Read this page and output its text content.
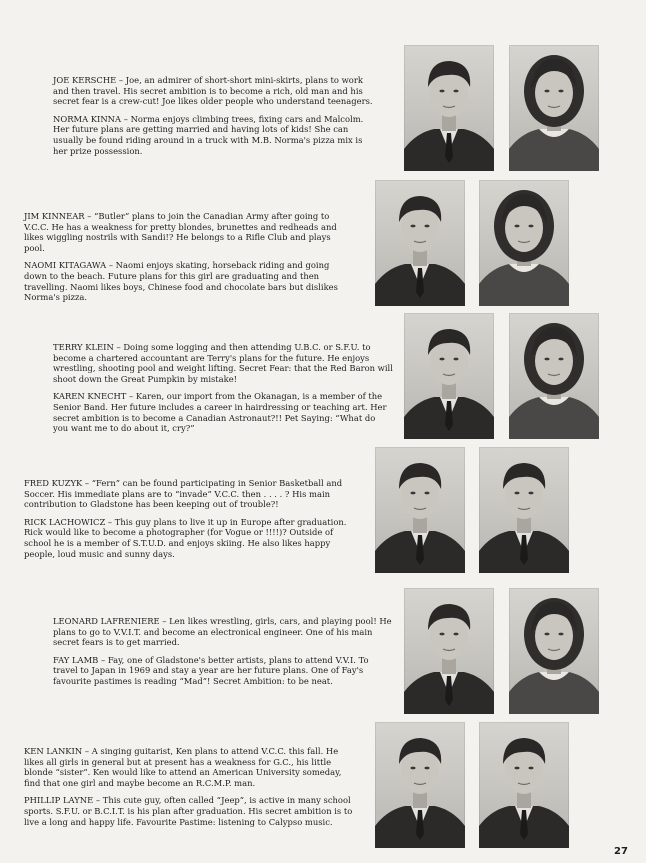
JOE KERSCHE – Joe, an admirer of short-short mini-skirts, plans to work and then travel. His secret ambition is to become a rich, old man and his secret fear is a crew-cut! Joe likes older people who understand teenagers.

NORMA KINNA – Norma enjoys climbing trees, fixing cars and Malcolm. Her future plans are getting married and having lots of kids! She can usually be found riding around in a truck with M.B. Norma's pizza mix is her prize possession.

JIM KINNEAR – “Butler” plans to join the Canadian Army after going to V.C.C. He has a weakness for pretty blondes, brunettes and redheads and likes wiggling nostrils with Sandi!? He belongs to a Rifle Club and plays pool.

NAOMI KITAGAWA – Naomi enjoys skating, horseback riding and going down to the beach. Future plans for this girl are graduating and then travelling. Naomi likes boys, Chinese food and chocolate bars but dislikes Norma's pizza.

TERRY KLEIN – Doing some logging and then attending U.B.C. or S.F.U. to become a chartered accountant are Terry's plans for the future. He enjoys wrestling, shooting pool and weight lifting. Secret Fear: that the Red Baron will shoot down the Great Pumpkin by mistake!

KAREN KNECHT – Karen, our import from the Okanagan, is a member of the Senior Band. Her future includes a career in hairdressing or teaching art. Her secret ambition is to become a Canadian Astronaut?!! Pet Saying: “What do you want me to do about it, cry?”

FRED KUZYK – “Fern” can be found participating in Senior Basketball and Soccer. His immediate plans are to “invade” V.C.C. then . . . . ? His main contribution to Gladstone has been keeping out of trouble?!

RICK LACHOWICZ – This guy plans to live it up in Europe after graduation. Rick would like to become a photographer (for Vogue or !!!!)? Outside of school he is a member of S.T.U.D. and enjoys skiing. He also likes happy people, loud music and sunny days.

LEONARD LAFRENIERE – Len likes wrestling, girls, cars, and playing pool! He plans to go to V.V.I.T. and become an electronical engineer. One of his main secret fears is to get married.

FAY LAMB – Fay, one of Gladstone's better artists, plans to attend V.V.I. To travel to Japan in 1969 and stay a year are her future plans. One of Fay's favourite pastimes is reading “Mad”! Secret Ambition: to be neat.

KEN LANKIN – A singing guitarist, Ken plans to attend V.C.C. this fall. He likes all girls in general but at present has a weakness for G.C., his little blonde “sister”. Ken would like to attend an American University someday, find that one girl and maybe become an R.C.M.P. man.

PHILLIP LAYNE – This cute guy, often called “Jeep”, is active in many school sports. S.F.U. or B.C.I.T. is his plan after graduation. His secret ambition is to live a long and happy life. Favourite Pastime: listening to Calypso music.

27
